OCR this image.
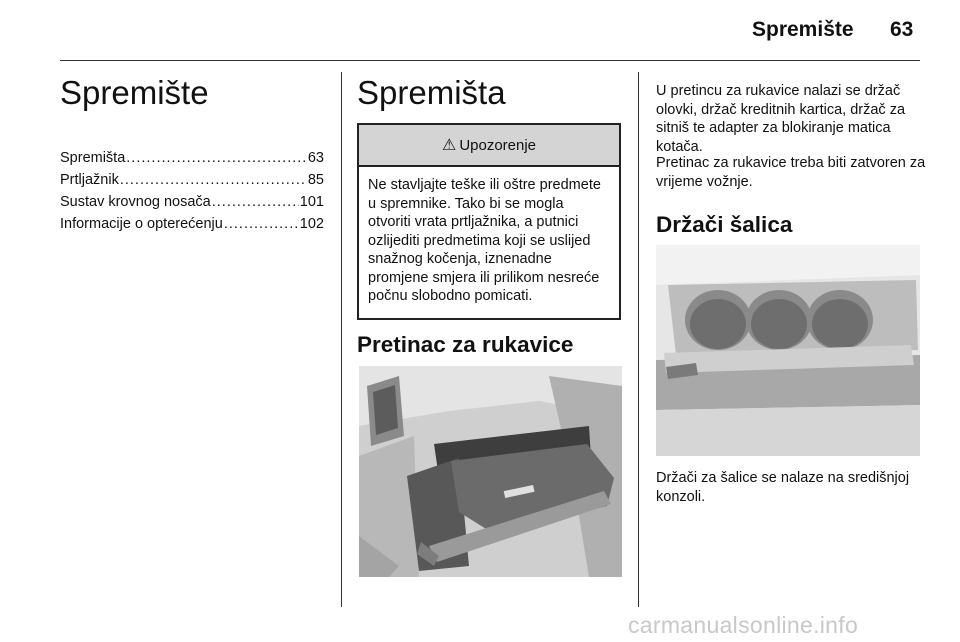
Spremište 63
Spremište
Spremišta .....	63
Prtljažnik .....	85
Sustav krovnog nosača .....	101
Informacije o opterećenju .....	102
Spremišta
⚠ Upozorenje
Ne stavljajte teške ili oštre predmete u spremnike. Tako bi se mogla otvoriti vrata prtljažnika, a putnici ozlijediti predmetima koji se uslijed snažnog kočenja, iznenadne promjene smjera ili prilikom nesreće počnu slobodno pomicati.
Pretinac za rukavice
U pretincu za rukavice nalazi se držač olovki, držač kreditnih kartica, držač za sitniš te adapter za blokiranje matica kotača.
Pretinac za rukavice treba biti zatvoren za vrijeme vožnje.
Držači šalica
Držači za šalice se nalaze na središnjoj konzoli.
carmanualsonline.info
